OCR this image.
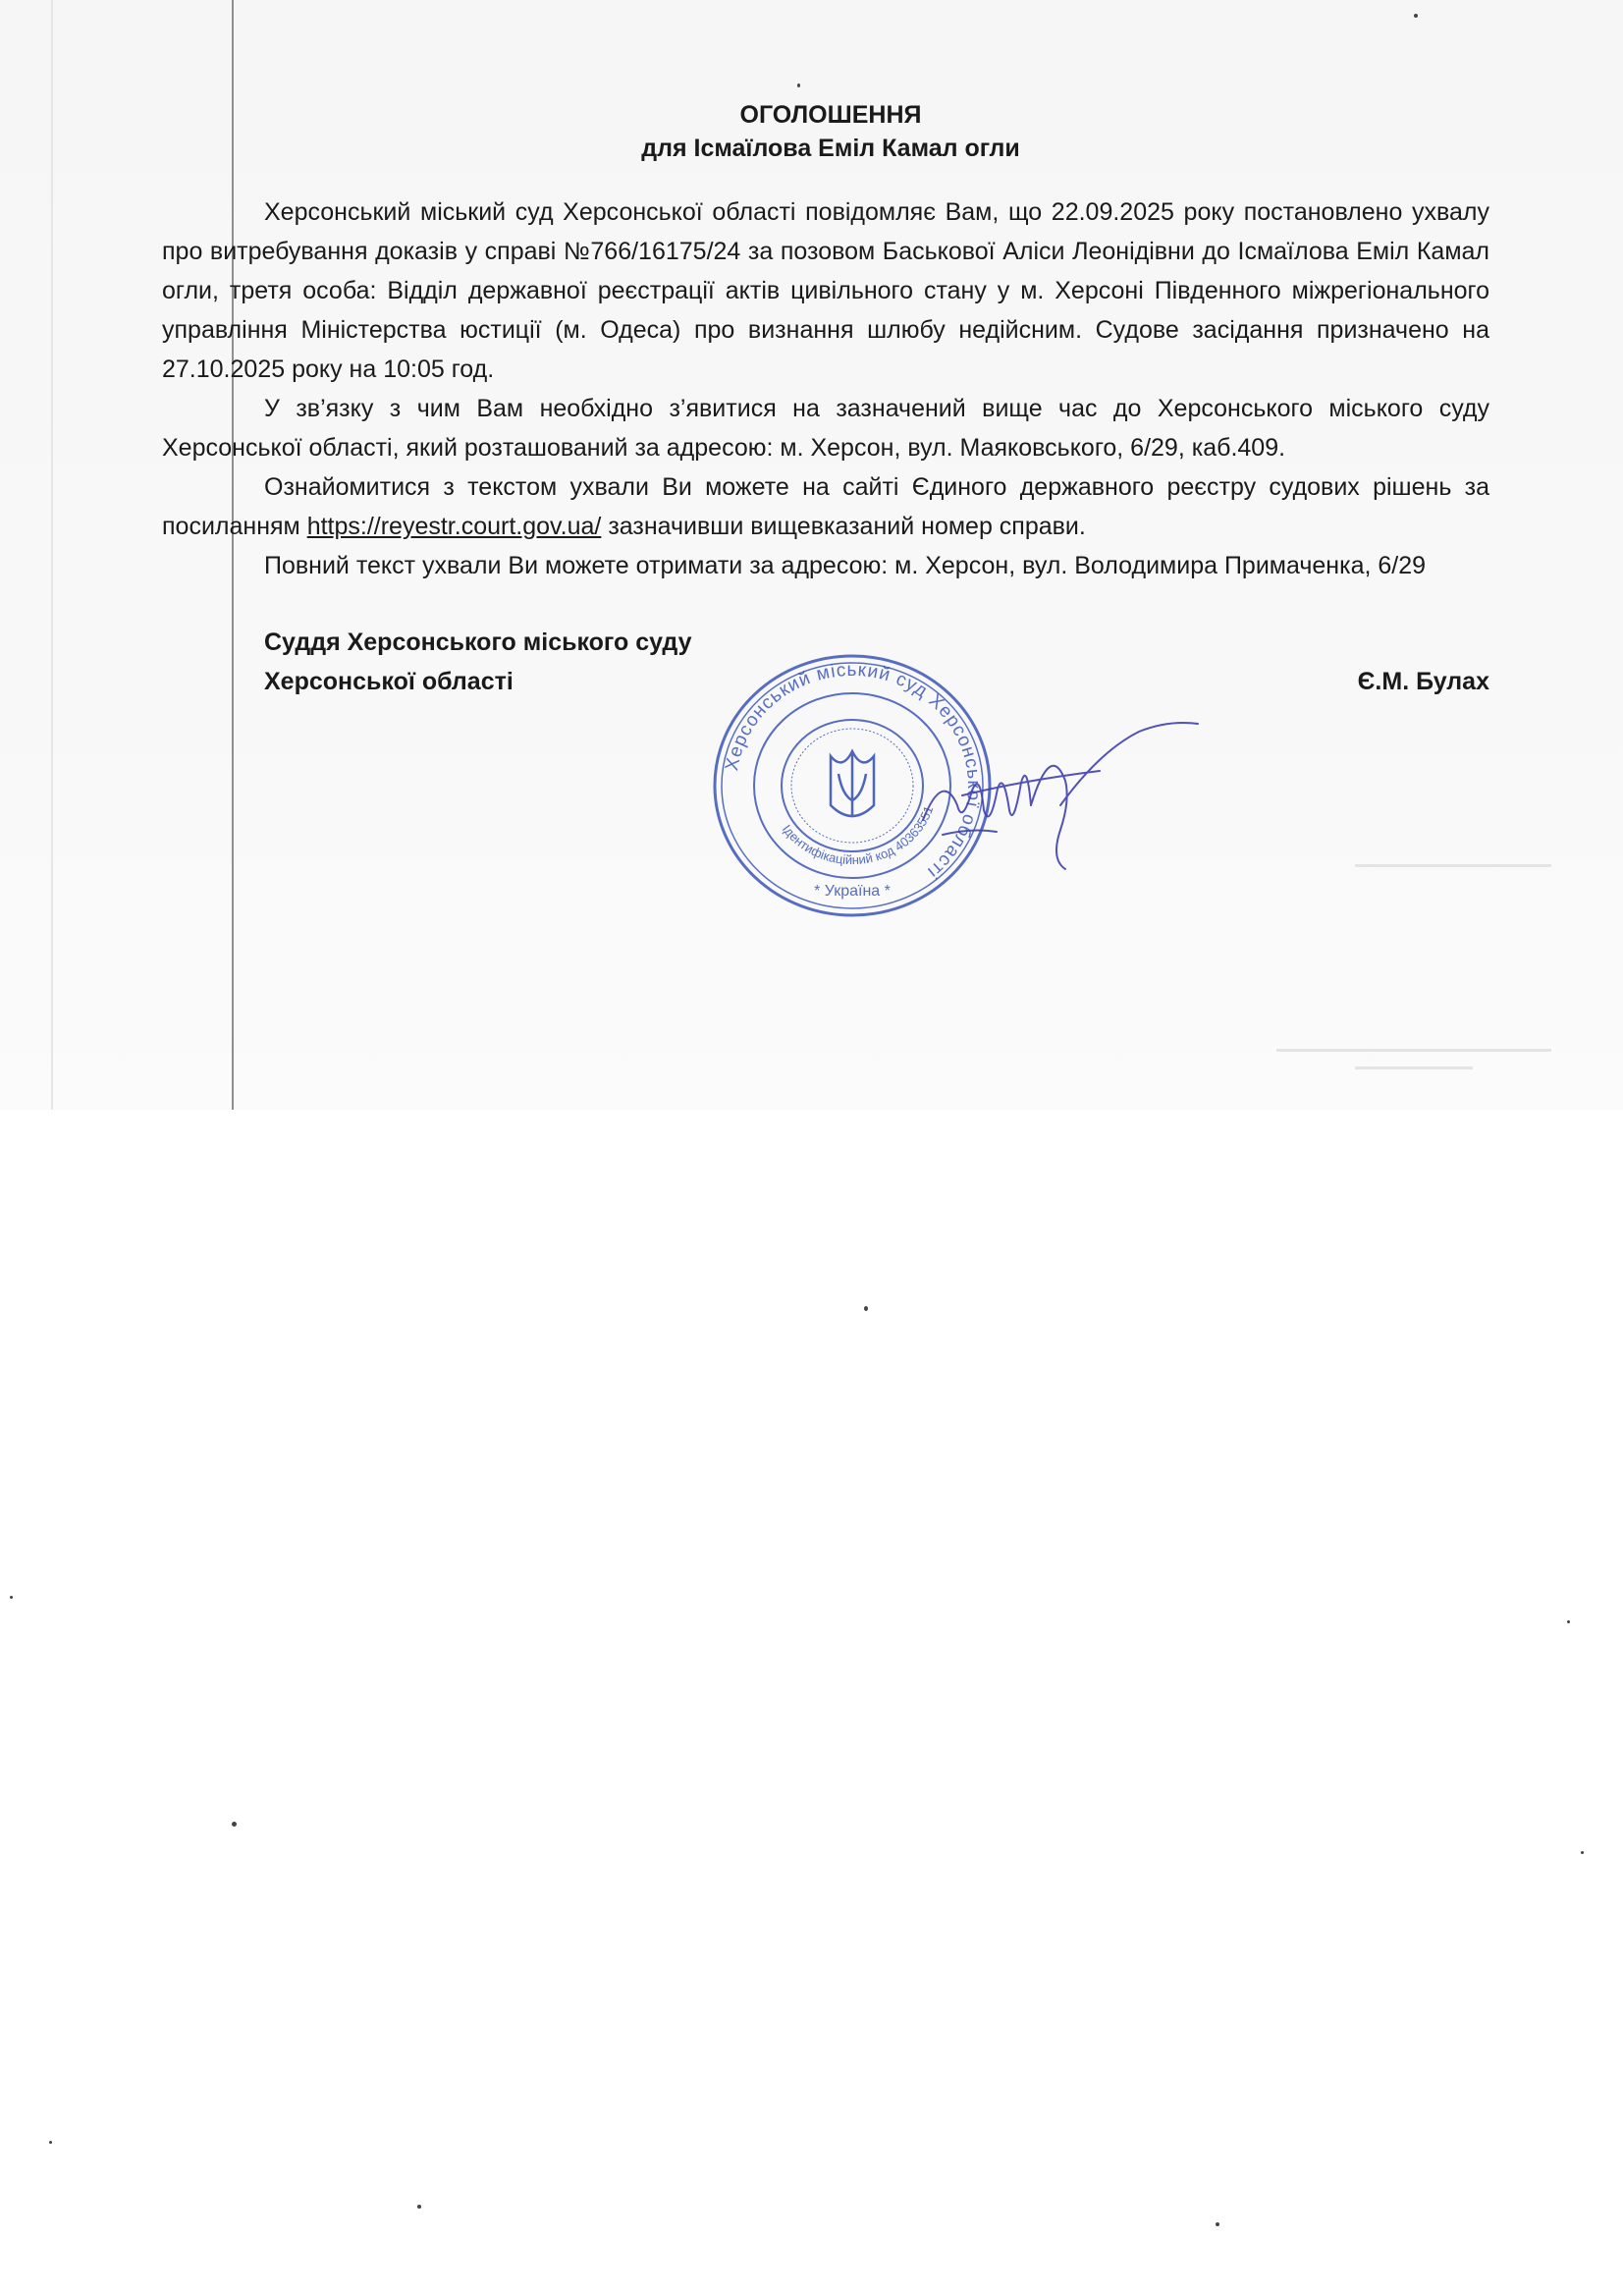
ОГОЛОШЕННЯ

для Ісмаїлова Еміл Камал огли

Херсонський міський суд Херсонської області повідомляє Вам, що 22.09.2025 року постановлено ухвалу про витребування доказів у справі №766/16175/24 за позовом Баськової Аліси Леонідівни до Ісмаїлова Еміл Камал огли, третя особа: Відділ державної реєстрації актів цивільного стану у м. Херсоні Південного міжрегіонального управління Міністерства юстиції (м. Одеса) про визнання шлюбу недійсним. Судове засідання призначено на 27.10.2025 року на 10:05 год.

У зв’язку з чим Вам необхідно з’явитися на зазначений вище час до Херсонського міського суду Херсонської області, який розташований за адресою: м. Херсон, вул. Маяковського, 6/29, каб.409.

Ознайомитися з текстом ухвали Ви можете на сайті Єдиного державного реєстру судових рішень за посиланням https://reyestr.court.gov.ua/ зазначивши вищевказаний номер справи.

Повний текст ухвали Ви можете отримати за адресою: м. Херсон, вул. Володимира Примаченка, 6/29

Суддя Херсонського міського суду
Херсонської області	Є.М. Булах
Херсонський міський суд Херсонської області
Ідентифікаційний код 40363551
* Україна *
